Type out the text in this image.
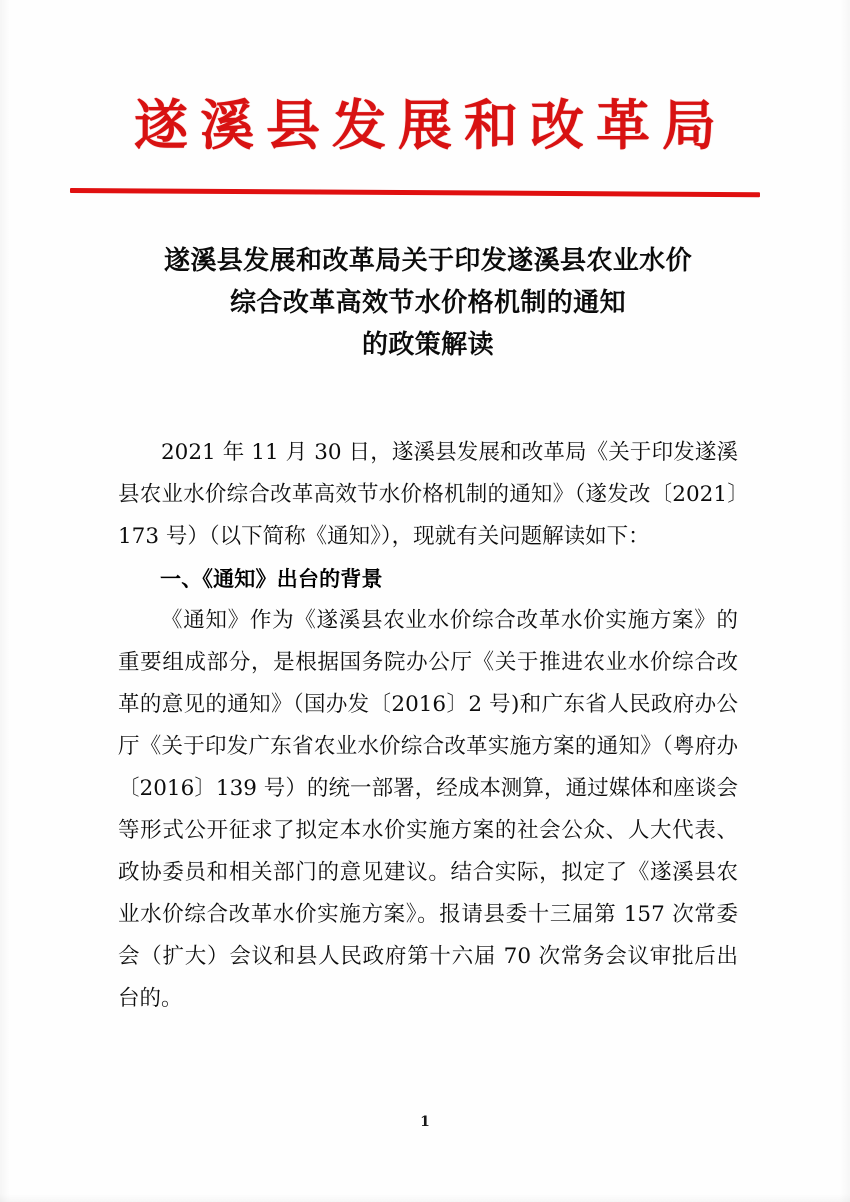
遂溪县发展和改革局
遂溪县发展和改革局关于印发遂溪县农业水价
综合改革高效节水价格机制的通知
的政策解读

2021 年 11 月 30 日，遂溪县发展和改革局《关于印发遂溪县农业水价综合改革高效节水价格机制的通知》（遂发改〔2021〕173 号）（以下简称《通知》），现就有关问题解读如下：

一、《通知》出台的背景

《通知》作为《遂溪县农业水价综合改革水价实施方案》的重要组成部分，是根据国务院办公厅《关于推进农业水价综合改革的意见的通知》（国办发〔2016〕2 号)和广东省人民政府办公厅《关于印发广东省农业水价综合改革实施方案的通知》（粤府办〔2016〕139 号）的统一部署，经成本测算，通过媒体和座谈会等形式公开征求了拟定本水价实施方案的社会公众、人大代表、政协委员和相关部门的意见建议。结合实际，拟定了《遂溪县农业水价综合改革水价实施方案》。报请县委十三届第 157 次常委会（扩大）会议和县人民政府第十六届 70 次常务会议审批后出台的。

1
